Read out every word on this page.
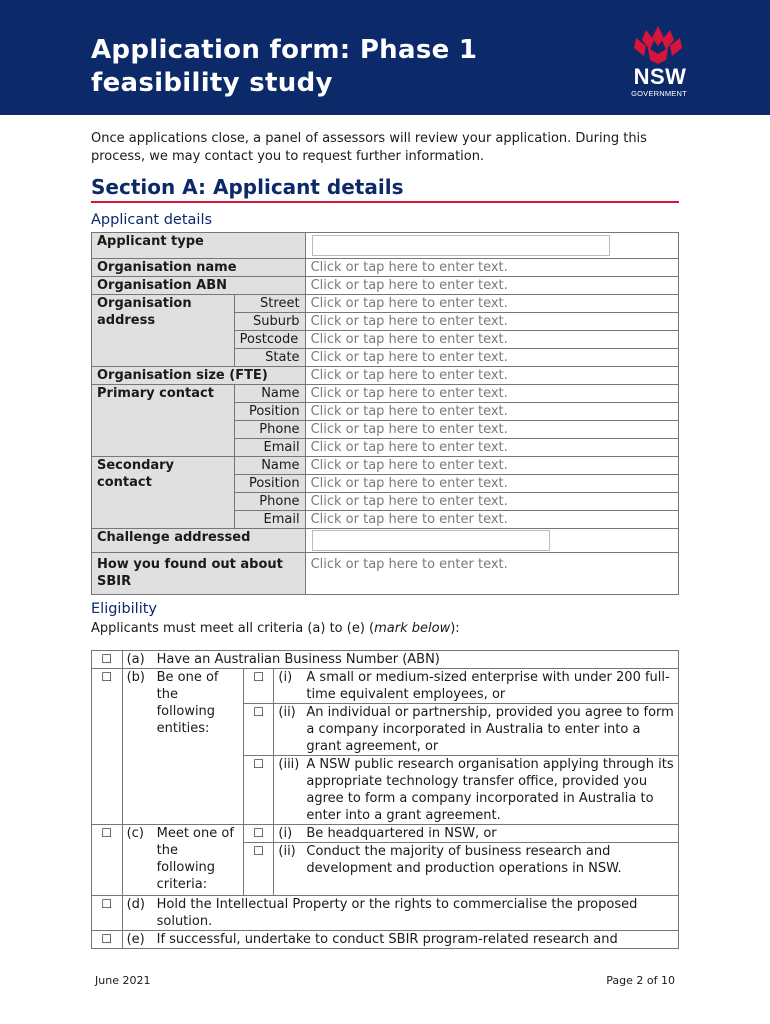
Application form: Phase 1 feasibility study	NSW
GOVERNMENT
Once applications close, a panel of assessors will review your application. During this process, we may contact you to request further information.
Section A: Applicant details
Applicant details
Applicant type		

Organisation name		Click or tap here to enter text.
Organisation ABN		Click or tap here to enter text.
Organisation address	Street	Click or tap here to enter text.
	Suburb	Click or tap here to enter text.
	Postcode	Click or tap here to enter text.
	State	Click or tap here to enter text.
Organisation size (FTE)		Click or tap here to enter text.
Primary contact	Name	Click or tap here to enter text.
	Position	Click or tap here to enter text.
	Phone	Click or tap here to enter text.
	Email	Click or tap here to enter text.
Secondary contact	Name	Click or tap here to enter text.
	Position	Click or tap here to enter text.
	Phone	Click or tap here to enter text.
	Email	Click or tap here to enter text.
Challenge addressed		

How you found out about SBIR		Click or tap here to enter text.
Eligibility
Applicants must meet all criteria (a) to (e) (mark below):
☐	(a) Have an Australian Business Number (ABN)		
☐	(b) Be one of the following entities:	☐	(i) A small or medium-sized enterprise with under 200 full-time equivalent employees, or

		☐	(ii) An individual or partnership, provided you agree to form a company incorporated in Australia to enter into a grant agreement, or

		☐	(iii) A NSW public research organisation applying through its appropriate technology transfer office, provided you agree to form a company incorporated in Australia to enter into a grant agreement.

☐	(c) Meet one of the following criteria:	☐	(i) Be headquartered in NSW, or

		☐	(ii) Conduct the majority of business research and development and production operations in NSW.

☐	(d) Hold the Intellectual Property or the rights to commercialise the proposed solution.		

☐	(e) If successful, undertake to conduct SBIR program-related research and		
June 2021	Page 2 of 10
